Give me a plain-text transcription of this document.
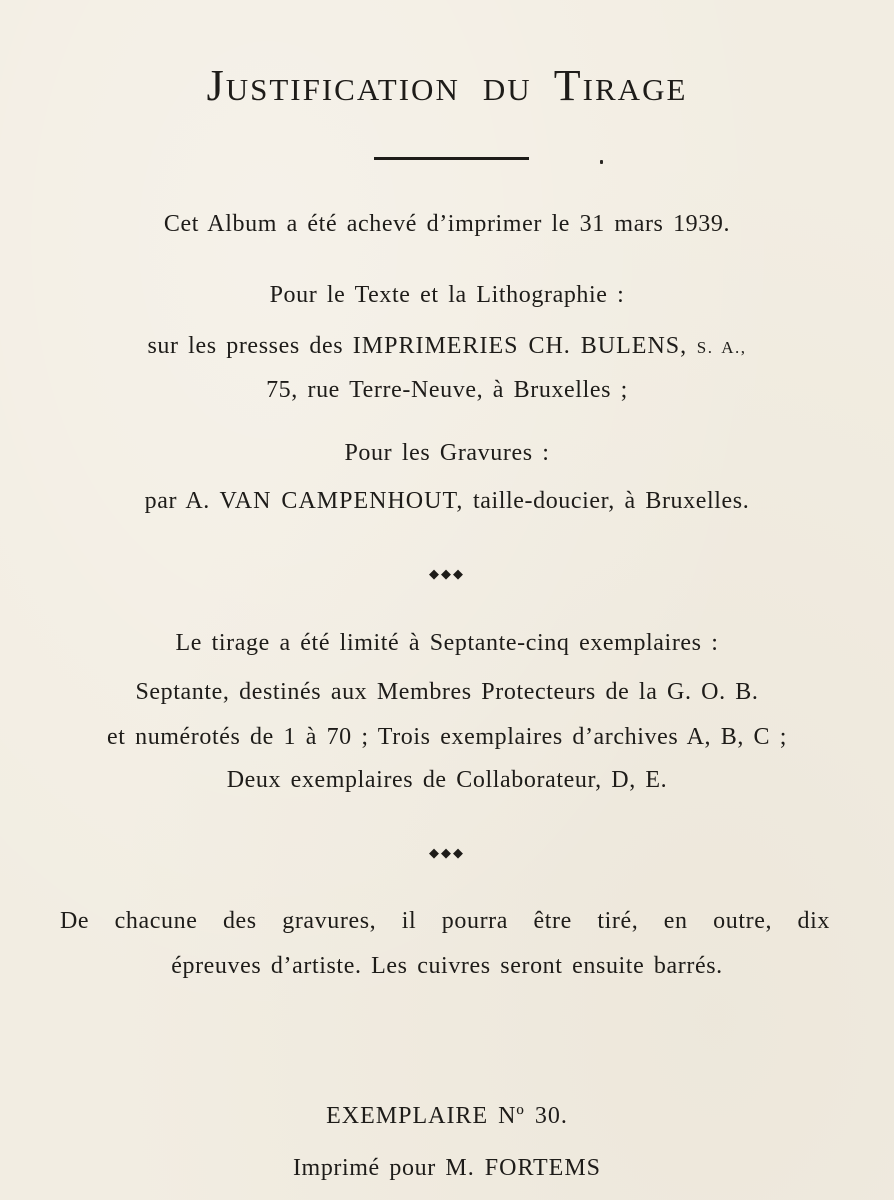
Justification du Tirage
Cet Album a été achevé d’imprimer le 31 mars 1939.
Pour le Texte et la Lithographie :
sur les presses des IMPRIMERIES CH. BULENS, S. A.,
75, rue Terre-Neuve, à Bruxelles ;
Pour les Gravures :
par A. VAN CAMPENHOUT, taille-doucier, à Bruxelles.
◆◆◆
Le tirage a été limité à Septante-cinq exemplaires :
Septante, destinés aux Membres Protecteurs de la G. O. B.
et numérotés de 1 à 70 ; Trois exemplaires d’archives A, B, C ;
Deux exemplaires de Collaborateur, D, E.
◆◆◆
De chacune des gravures, il pourra être tiré, en outre, dix
épreuves d’artiste. Les cuivres seront ensuite barrés.
EXEMPLAIRE Nº 30.
Imprimé pour M. FORTEMS
